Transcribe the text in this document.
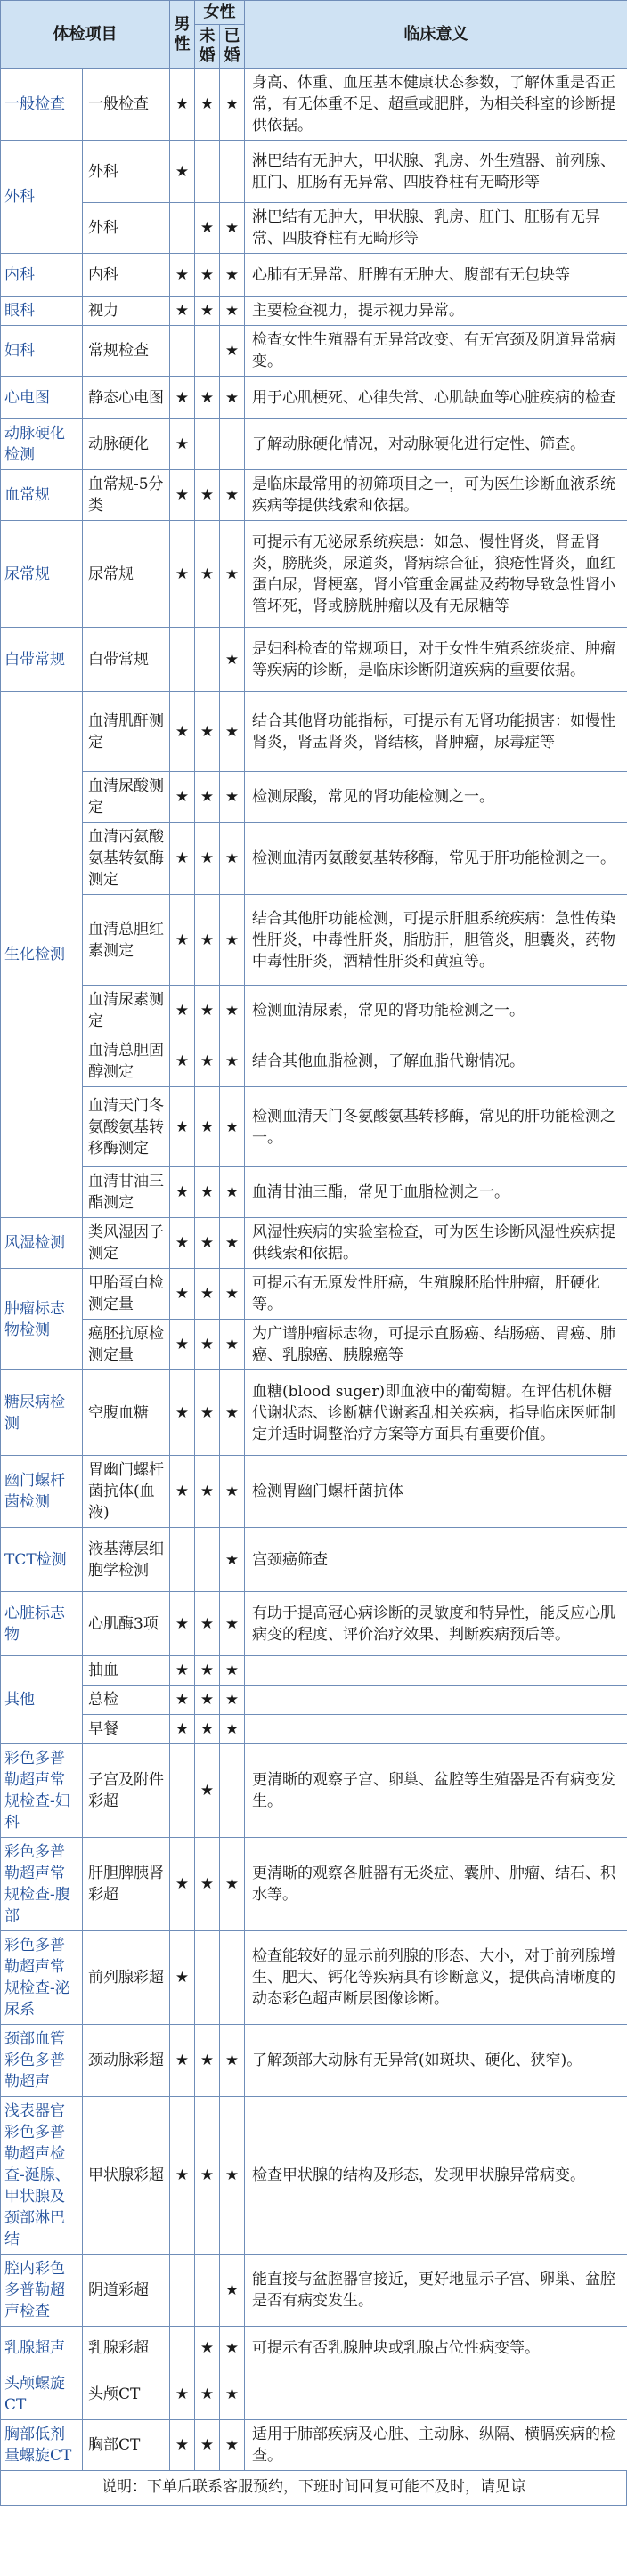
体检项目		男性	女性		临床意义
			未婚	已婚	
一般检查	一般检查	★	★	★	身高、体重、血压基本健康状态参数，了解体重是否正常，有无体重不足、超重或肥胖，为相关科室的诊断提供依据。
外科	外科	★			淋巴结有无肿大，甲状腺、乳房、外生殖器、前列腺、肛门、肛肠有无异常、四肢脊柱有无畸形等
	外科		★	★	淋巴结有无肿大，甲状腺、乳房、肛门、肛肠有无异常、四肢脊柱有无畸形等
内科	内科	★	★	★	心肺有无异常、肝脾有无肿大、腹部有无包块等
眼科	视力	★	★	★	主要检查视力，提示视力异常。
妇科	常规检查			★	检查女性生殖器有无异常改变、有无宫颈及阴道异常病变。
心电图	静态心电图	★	★	★	用于心肌梗死、心律失常、心肌缺血等心脏疾病的检查
动脉硬化检测	动脉硬化	★			了解动脉硬化情况，对动脉硬化进行定性、筛查。
血常规	血常规-5分类	★	★	★	是临床最常用的初筛项目之一，可为医生诊断血液系统疾病等提供线索和依据。
尿常规	尿常规	★	★	★	可提示有无泌尿系统疾患：如急、慢性肾炎，肾盂肾炎，膀胱炎，尿道炎，肾病综合征，狼疮性肾炎，血红蛋白尿，肾梗塞，肾小管重金属盐及药物导致急性肾小管坏死，肾或膀胱肿瘤以及有无尿糖等
白带常规	白带常规			★	是妇科检查的常规项目，对于女性生殖系统炎症、肿瘤等疾病的诊断，是临床诊断阴道疾病的重要依据。
生化检测	血清肌酐测定	★	★	★	结合其他肾功能指标，可提示有无肾功能损害：如慢性肾炎，肾盂肾炎，肾结核，肾肿瘤，尿毒症等
	血清尿酸测定	★	★	★	检测尿酸，常见的肾功能检测之一。
	血清丙氨酸氨基转氨酶测定	★	★	★	检测血清丙氨酸氨基转移酶，常见于肝功能检测之一。
	血清总胆红素测定	★	★	★	结合其他肝功能检测，可提示肝胆系统疾病：急性传染性肝炎，中毒性肝炎，脂肪肝，胆管炎，胆囊炎，药物中毒性肝炎，酒精性肝炎和黄疸等。
	血清尿素测定	★	★	★	检测血清尿素，常见的肾功能检测之一。
	血清总胆固醇测定	★	★	★	结合其他血脂检测，了解血脂代谢情况。
	血清天门冬氨酸氨基转移酶测定	★	★	★	检测血清天门冬氨酸氨基转移酶，常见的肝功能检测之一。
	血清甘油三酯测定	★	★	★	血清甘油三酯，常见于血脂检测之一。
风湿检测	类风湿因子测定	★	★	★	风湿性疾病的实验室检查，可为医生诊断风湿性疾病提供线索和依据。
肿瘤标志物检测	甲胎蛋白检测定量	★	★	★	可提示有无原发性肝癌，生殖腺胚胎性肿瘤，肝硬化等。
	癌胚抗原检测定量	★	★	★	为广谱肿瘤标志物，可提示直肠癌、结肠癌、胃癌、肺癌、乳腺癌、胰腺癌等
糖尿病检测	空腹血糖	★	★	★	血糖(blood suger)即血液中的葡萄糖。在评估机体糖代谢状态、诊断糖代谢紊乱相关疾病，指导临床医师制定并适时调整治疗方案等方面具有重要价值。
幽门螺杆菌检测	胃幽门螺杆菌抗体(血液)	★	★	★	检测胃幽门螺杆菌抗体
TCT检测	液基薄层细胞学检测			★	宫颈癌筛查
心脏标志物	心肌酶3项	★	★	★	有助于提高冠心病诊断的灵敏度和特异性，能反应心肌病变的程度、评价治疗效果、判断疾病预后等。
其他	抽血	★	★	★	
	总检	★	★	★	
	早餐	★	★	★	
彩色多普勒超声常规检查-妇科	子宫及附件彩超		★		更清晰的观察子宫、卵巢、盆腔等生殖器是否有病变发生。
彩色多普勒超声常规检查-腹部	肝胆脾胰肾彩超	★	★	★	更清晰的观察各脏器有无炎症、囊肿、肿瘤、结石、积水等。
彩色多普勒超声常规检查-泌尿系	前列腺彩超	★			检查能较好的显示前列腺的形态、大小，对于前列腺增生、肥大、钙化等疾病具有诊断意义，提供高清晰度的动态彩色超声断层图像诊断。
颈部血管彩色多普勒超声	颈动脉彩超	★	★	★	了解颈部大动脉有无异常(如斑块、硬化、狭窄)。
浅表器官彩色多普勒超声检查-涎腺、甲状腺及颈部淋巴结	甲状腺彩超	★	★	★	检查甲状腺的结构及形态，发现甲状腺异常病变。
腔内彩色多普勒超声检查	阴道彩超			★	能直接与盆腔器官接近，更好地显示子宫、卵巢、盆腔是否有病变发生。
乳腺超声	乳腺彩超		★	★	可提示有否乳腺肿块或乳腺占位性病变等。
头颅螺旋CT	头颅CT	★	★	★	
胸部低剂量螺旋CT	胸部CT	★	★	★	适用于肺部疾病及心脏、主动脉、纵隔、横膈疾病的检查。
说明：下单后联系客服预约，下班时间回复可能不及时，请见谅
